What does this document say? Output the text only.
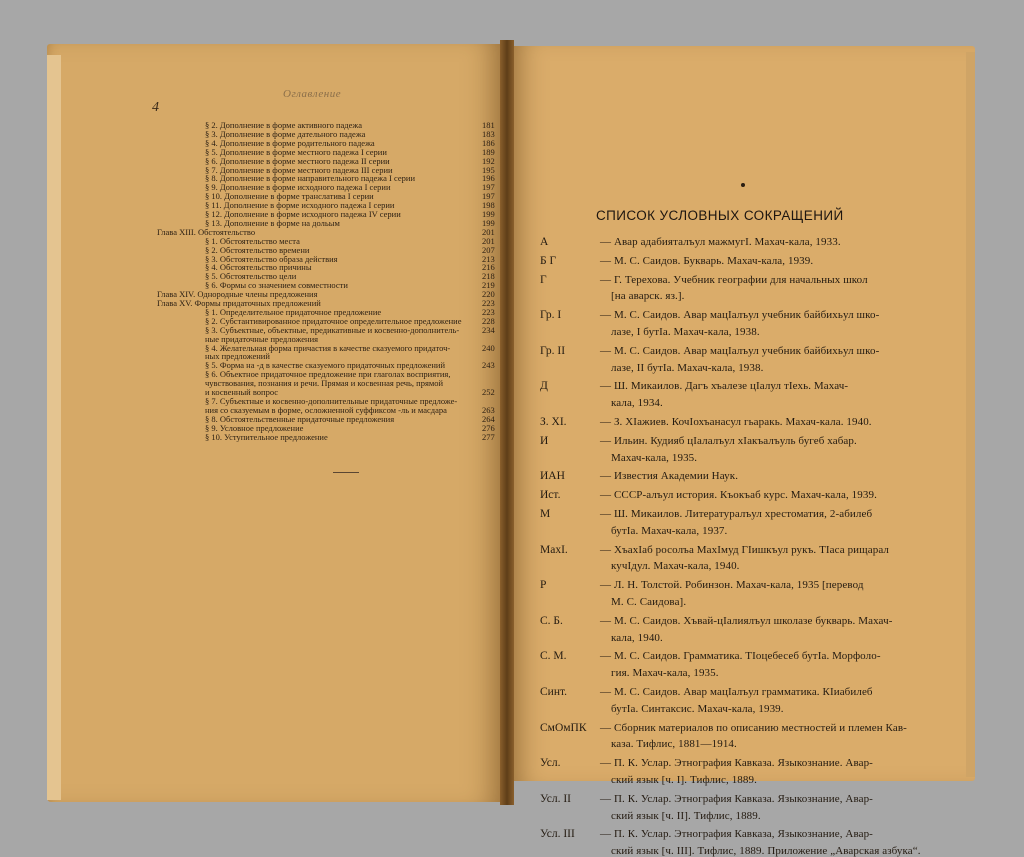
4
Оглавление
§ 2. Дополнение в форме активного падежа	181
§ 3. Дополнение в форме дательного падежа	183
§ 4. Дополнение в форме родительного падежа	186
§ 5. Дополнение в форме местного падежа I серии	189
§ 6. Дополнение в форме местного падежа II серии	192
§ 7. Дополнение в форме местного падежа III серии	195
§ 8. Дополнение в форме направительного падежа I серии	196
§ 9. Дополнение в форме исходного падежа I серии	197
§ 10. Дополнение в форме транслатива I серии	197
§ 11. Дополнение в форме исходного падежа I серии	198
§ 12. Дополнение в форме исходного падежа IV серии	199
§ 13. Дополнение в форме на дольым	199
Глава XIII. Обстоятельство	201
§ 1. Обстоятельство места	201
§ 2. Обстоятельство времени	207
§ 3. Обстоятельство образа действия	213
§ 4. Обстоятельство причины	216
§ 5. Обстоятельство цели	218
§ 6. Формы со значением совместности	219
Глава XIV. Однородные члены предложения	220
Глава XV. Формы придаточных предложений	223
§ 1. Определительное придаточное предложение	223
§ 2. Субстантивированное придаточное определительное предложение	228
§ 3. Субъектные, объектные, предикативные и косвенно-дополнитель-	234
ные придаточные предложения
§ 4. Желательная форма причастия в качестве сказуемого придаточ-	240
ных предложений
§ 5. Форма на -д в качестве сказуемого придаточных предложений	243
§ 6. Объектное придаточное предложение при глаголах восприятия,
чувствования, познания и речи. Прямая и косвенная речь, прямой
и косвенный вопрос	252
§ 7. Субъектные и косвенно-дополнительные придаточные предложе-
ния со сказуемым в форме, осложненной суффиксом -ль и масдара	263
§ 8. Обстоятельственные придаточные предложения	264
§ 9. Условное предложение	276
§ 10. Уступительное предложение	277
СПИСОК УСЛОВНЫХ СОКРАЩЕНИЙ
А	— Авар адабияталъул мажмугI. Махач-кала, 1933.
Б Г	— М. С. Саидов. Букварь. Махач-кала, 1939.
Г	— Г. Терехова. Учебник географии для начальных школ
[на аварск. яз.].
Гр. I	— М. С. Саидов. Авар мацIалъул учебник байбихьул шко-
лазе, I бутIа. Махач-кала, 1938.
Гр. II	— М. С. Саидов. Авар мацIалъул учебник байбихьул шко-
лазе, II бутIа. Махач-кала, 1938.
Д	— Ш. Микаилов. Дагъ хъалезе цIалул тIехь. Махач-
кала, 1934.
З. XI.	— З. ХIажиев. КочIохъанасул гьаракь. Махач-кала. 1940.
И	— Ильин. Кудияб цIалалъул хIакъалъуль бугеб хабар.
Махач-кала, 1935.
ИАН	— Известия Академии Наук.
Ист.	— СССР-алъул история. Къокъаб курс. Махач-кала, 1939.
М	— Ш. Микаилов. Литературалъул хрестоматия, 2-абилеб
бутIа. Махач-кала, 1937.
МахI.	— ХъахIаб росолъа МахIмуд ГIишкъул рукъ. ТIаса рищарал
кучIдул. Махач-кала, 1940.
Р	— Л. Н. Толстой. Робинзон. Махач-кала, 1935 [перевод
М. С. Саидова].
С. Б.	— М. С. Саидов. Хъвай-цIалиялъул школазе букварь. Махач-
кала, 1940.
С. М.	— М. С. Саидов. Грамматика. ТIоцебесеб бутIа. Морфоло-
гия. Махач-кала, 1935.
Синт.	— М. С. Саидов. Авар мацIалъул грамматика. КIиабилеб
бутIа. Синтаксис. Махач-кала, 1939.
СмОмПК — Сборник материалов по описанию местностей и племен Кав-
каза. Тифлис, 1881—1914.
Усл.	— П. К. Услар. Этнография Кавказа. Языкознание. Авар-
ский язык [ч. I]. Тифлис, 1889.
Усл. II	— П. К. Услар. Этнография Кавказа. Языкознание, Авар-
ский язык [ч. II]. Тифлис, 1889.
Усл. III — П. К. Услар. Этнография Кавказа, Языкознание, Авар-
ский язык [ч. III]. Тифлис, 1889. Приложение „Аварская азбука“.
